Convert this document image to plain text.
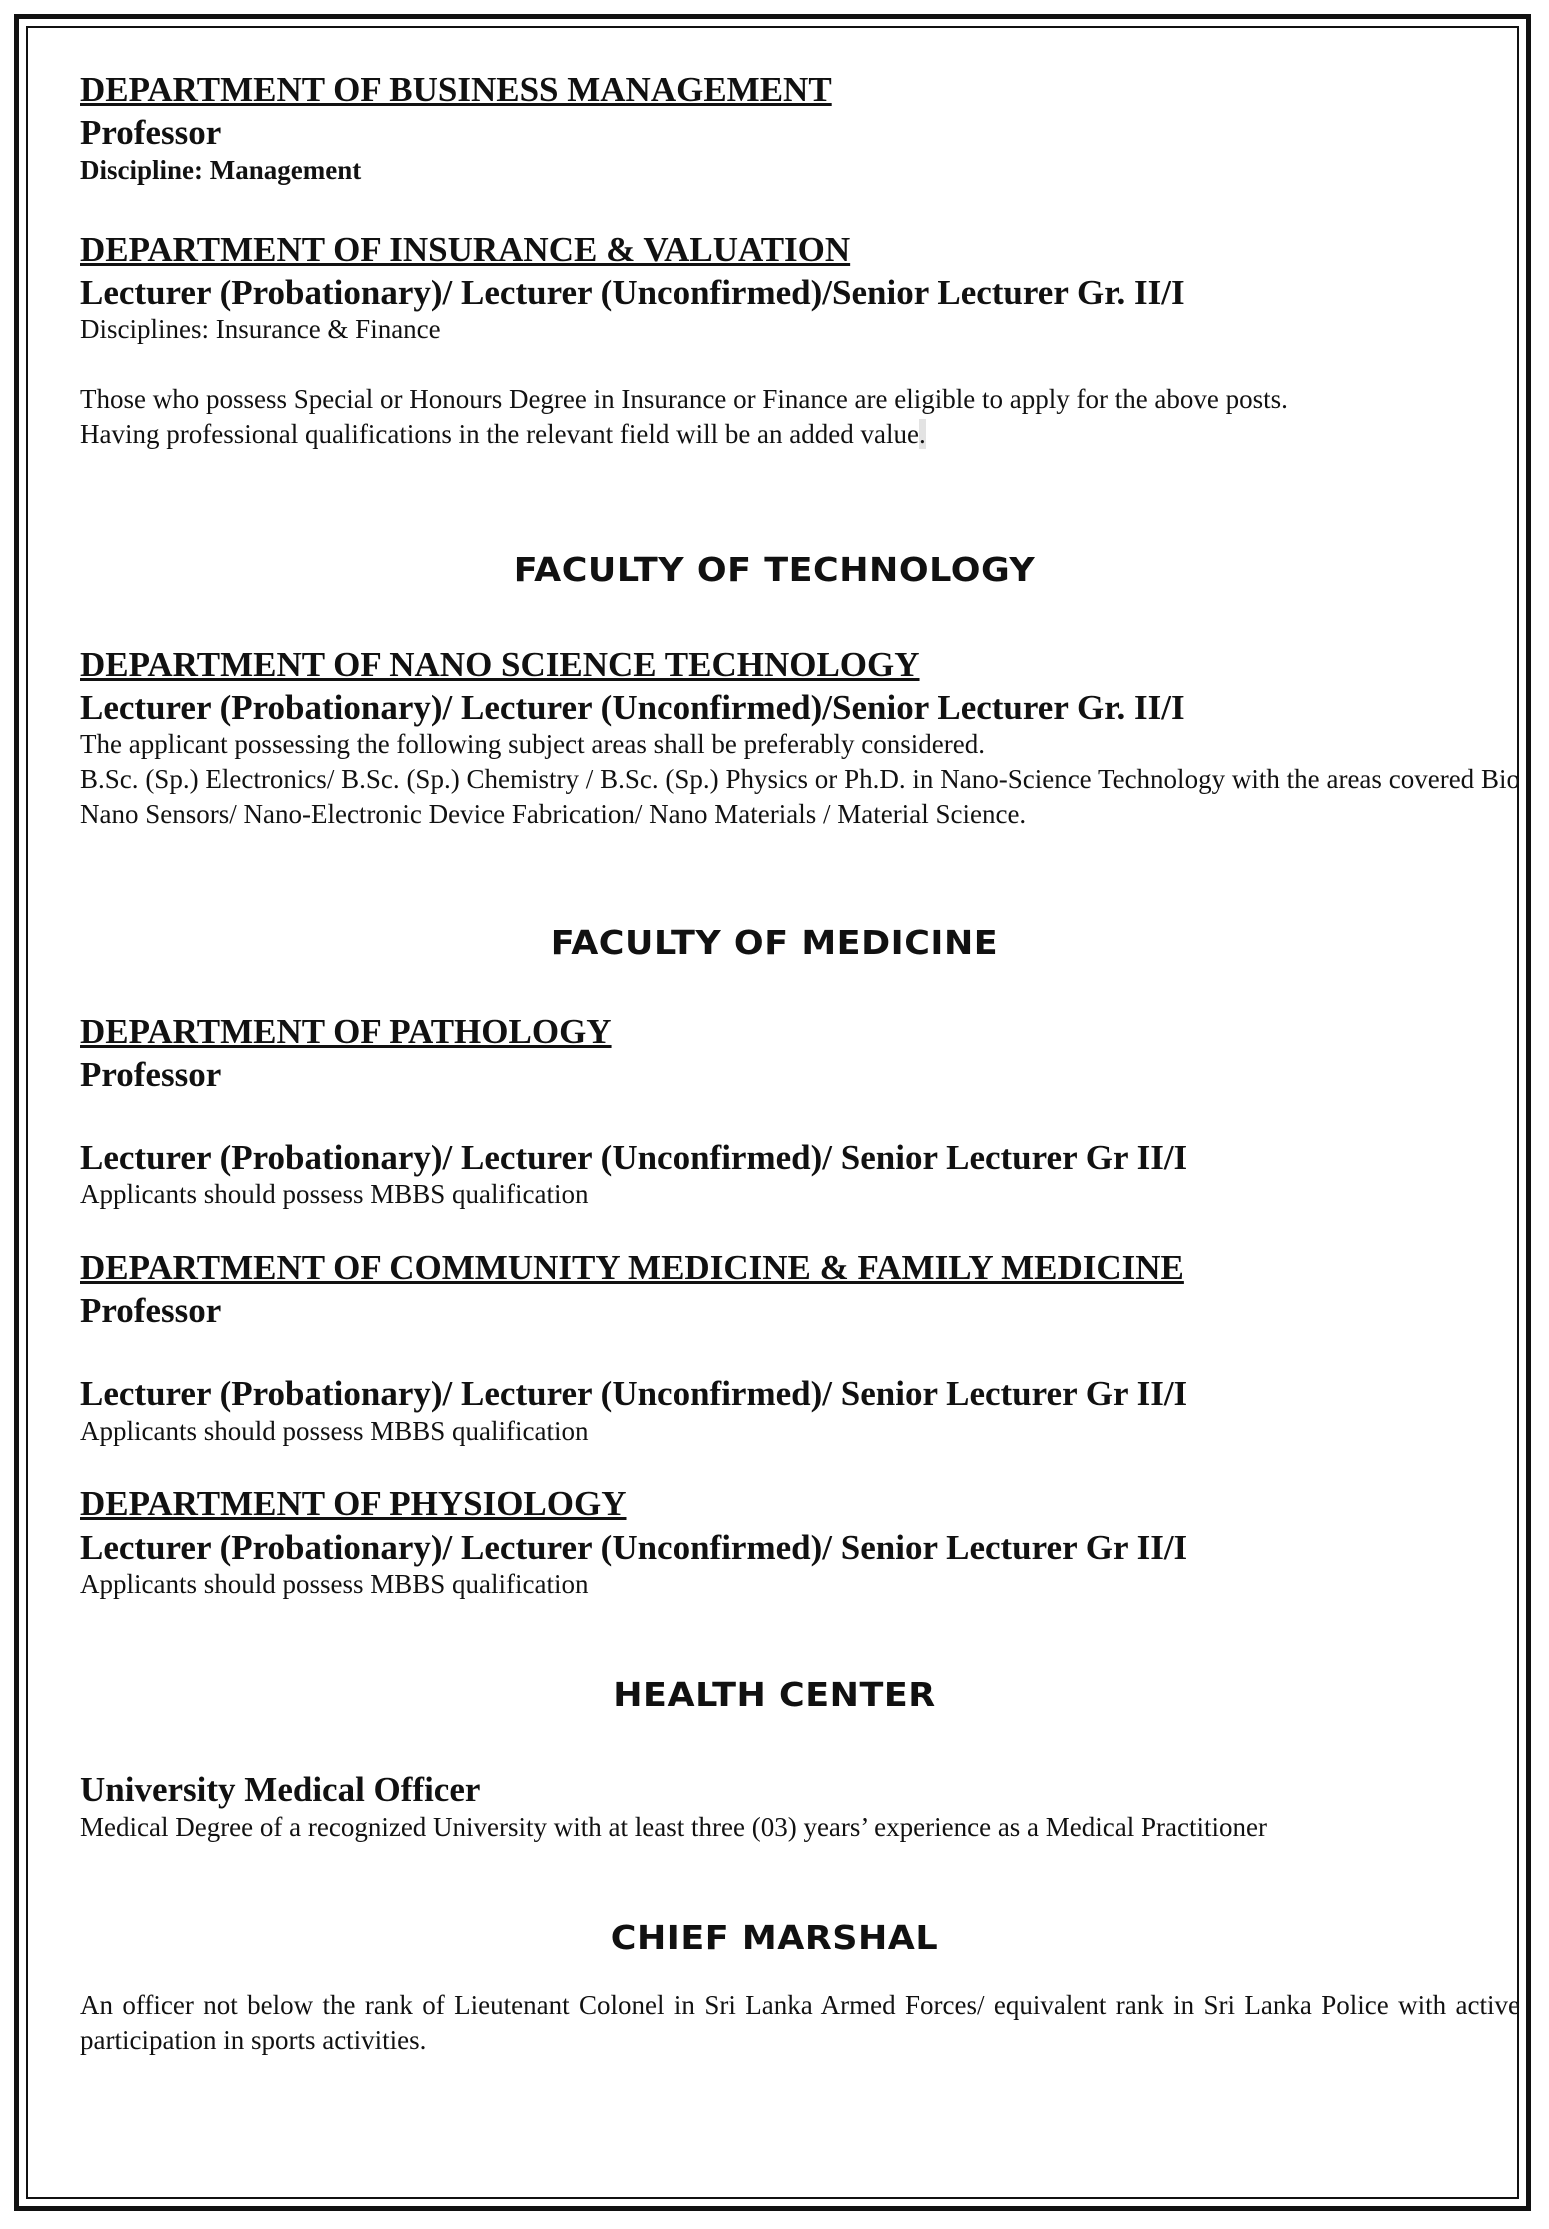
DEPARTMENT OF BUSINESS MANAGEMENT

Professor

Discipline: Management

DEPARTMENT OF INSURANCE & VALUATION

Lecturer (Probationary)/ Lecturer (Unconfirmed)/Senior Lecturer Gr. II/I

Disciplines: Insurance & Finance

Those who possess Special or Honours Degree in Insurance or Finance are eligible to apply for the above posts.

Having professional qualifications in the relevant field will be an added value.

FACULTY OF TECHNOLOGY

DEPARTMENT OF NANO SCIENCE TECHNOLOGY

Lecturer (Probationary)/ Lecturer (Unconfirmed)/Senior Lecturer Gr. II/I

The applicant possessing the following subject areas shall be preferably considered.

B.Sc. (Sp.) Electronics/ B.Sc. (Sp.) Chemistry / B.Sc. (Sp.) Physics or Ph.D. in Nano-Science Technology with the areas covered Bio Nano Sensors/ Nano-Electronic Device Fabrication/ Nano Materials / Material Science.

FACULTY OF MEDICINE

DEPARTMENT OF PATHOLOGY

Professor

Lecturer (Probationary)/ Lecturer (Unconfirmed)/ Senior Lecturer Gr II/I

Applicants should possess MBBS qualification

DEPARTMENT OF COMMUNITY MEDICINE & FAMILY MEDICINE

Professor

Lecturer (Probationary)/ Lecturer (Unconfirmed)/ Senior Lecturer Gr II/I

Applicants should possess MBBS qualification

DEPARTMENT OF PHYSIOLOGY

Lecturer (Probationary)/ Lecturer (Unconfirmed)/ Senior Lecturer Gr II/I

Applicants should possess MBBS qualification

HEALTH CENTER

University Medical Officer

Medical Degree of a recognized University with at least three (03) years’ experience as a Medical Practitioner

CHIEF MARSHAL

An officer not below the rank of Lieutenant Colonel in Sri Lanka Armed Forces/ equivalent rank in Sri Lanka Police with active participation in sports activities.
